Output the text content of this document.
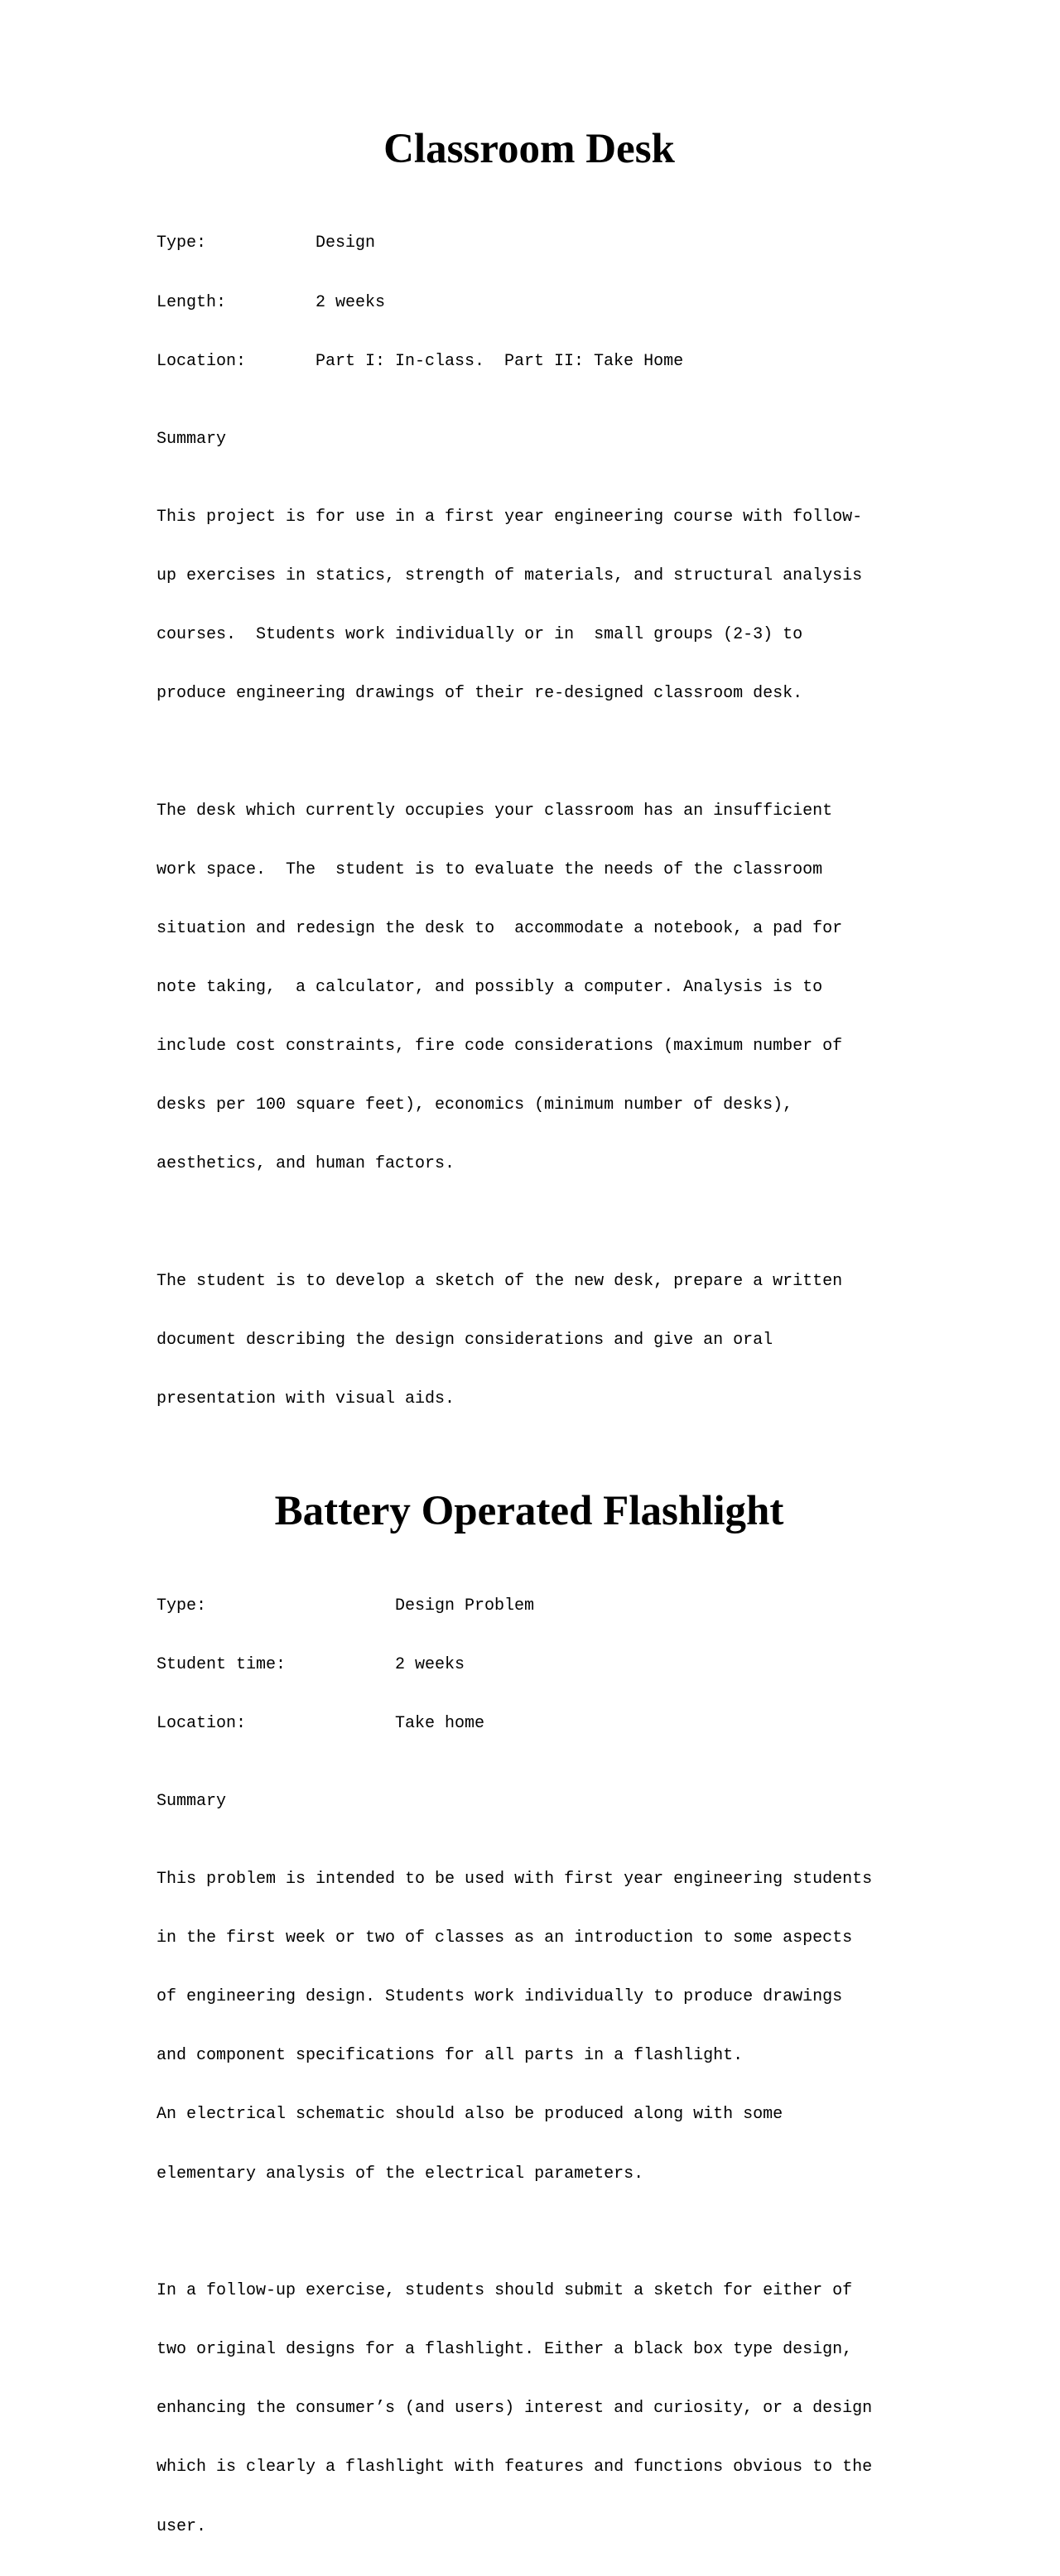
Classroom Desk

Type:	Design

Length:	2 weeks

Location:	Part I: In-class.  Part II: Take Home

Summary

This project is for use in a first year engineering course with follow-

up exercises in statics, strength of materials, and structural analysis

courses.  Students work individually or in  small groups (2-3) to

produce engineering drawings of their re-designed classroom desk.

The desk which currently occupies your classroom has an insufficient

work space.  The  student is to evaluate the needs of the classroom

situation and redesign the desk to  accommodate a notebook, a pad for

note taking,  a calculator, and possibly a computer. Analysis is to

include cost constraints, fire code considerations (maximum number of

desks per 100 square feet), economics (minimum number of desks),

aesthetics, and human factors.

The student is to develop a sketch of the new desk, prepare a written

document describing the design considerations and give an oral

presentation with visual aids.

Battery Operated Flashlight

Type:	Design Problem

Student time:	2 weeks

Location:	Take home

Summary

This problem is intended to be used with first year engineering students

in the first week or two of classes as an introduction to some aspects

of engineering design. Students work individually to produce drawings

and component specifications for all parts in a flashlight.

An electrical schematic should also be produced along with some

elementary analysis of the electrical parameters.

In a follow-up exercise, students should submit a sketch for either of

two original designs for a flashlight. Either a black box type design,

enhancing the consumer’s (and users) interest and curiosity, or a design

which is clearly a flashlight with features and functions obvious to the

user.
